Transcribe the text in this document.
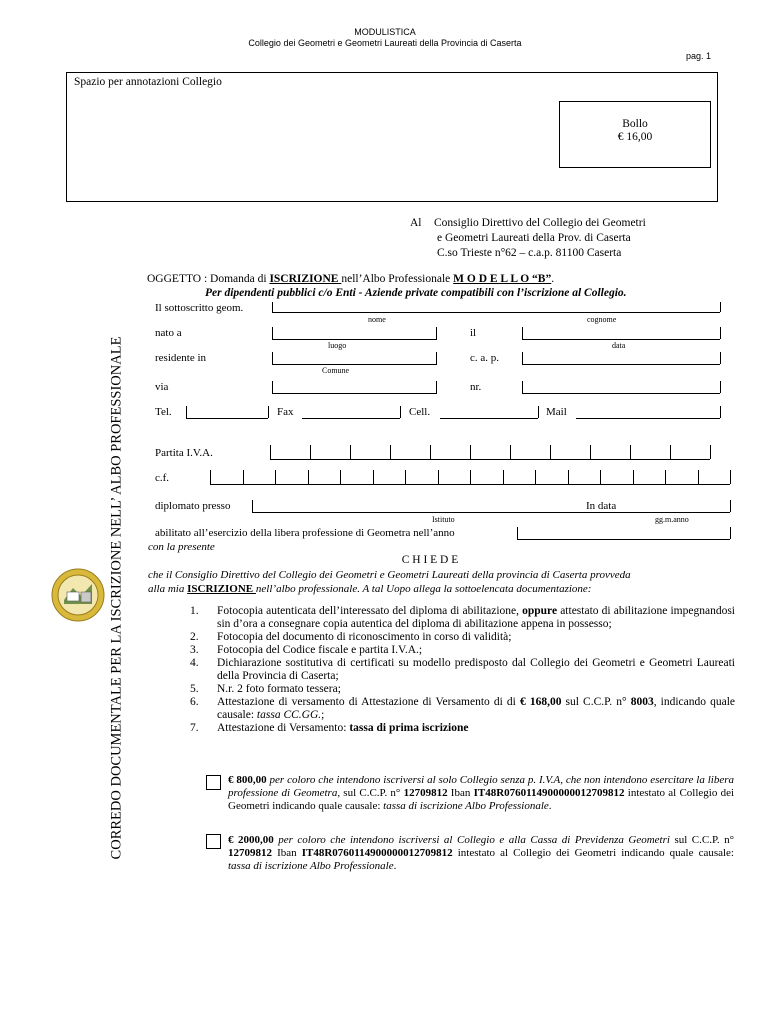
MODULISTICA
Collegio dei Geometri e Geometri Laureati della Provincia di Caserta
pag. 1
Spazio per annotazioni Collegio
Bollo
€ 16,00
Al Consiglio Direttivo del Collegio dei Geometri
e Geometri Laureati della Prov. di Caserta
C.so Trieste n°62 – c.a.p. 81100 Caserta
OGGETTO : Domanda di ISCRIZIONE nell’Albo Professionale M O D E L L O “B”.
Per dipendenti pubblici c/o Enti - Aziende private compatibili con l’iscrizione al Collegio.
CORREDO DOCUMENTALE PER LA ISCRIZIONE NELL’ ALBO PROFESSIONALE
Il sottoscritto geom.
nome	cognome
nato a	il
luogo	data
residente in	c. a. p.
Comune
via	nr.
Tel.	Fax	Cell.	Mail
Partita I.V.A.
c.f.
diplomato presso	In data
Istituto	gg.m.anno
abilitato all’esercizio della libera professione di Geometra nell’anno
con la presente
C H I E D E
che il Consiglio Direttivo del Collegio dei Geometri e Geometri Laureati della provincia di Caserta provveda
alla mia ISCRIZIONE nell’albo professionale. A tal Uopo allega la sottoelencata documentazione:
1. Fotocopia autenticata dell’interessato del diploma di abilitazione, oppure attestato di abilitazione impegnandosi sin d’ora a consegnare copia autentica del diploma di abilitazione appena in possesso;
2. Fotocopia del documento di riconoscimento in corso di validità;
3. Fotocopia del Codice fiscale e partita I.V.A.;
4. Dichiarazione sostitutiva di certificati su modello predisposto dal Collegio dei Geometri e Geometri Laureati della Provincia di Caserta;
5. N.r. 2 foto formato tessera;
6. Attestazione di versamento di Attestazione di Versamento di di € 168,00 sul C.C.P. n° 8003, indicando quale causale: tassa CC.GG.;
7. Attestazione di Versamento: tassa di prima iscrizione
€ 800,00 per coloro che intendono iscriversi al solo Collegio senza p. I.V.A, che non intendono esercitare la libera professione di Geometra, sul C.C.P. n° 12709812 Iban IT48R0760114900000012709812 intestato al Collegio dei Geometri indicando quale causale: tassa di iscrizione Albo Professionale.
€ 2000,00 per coloro che intendono iscriversi al Collegio e alla Cassa di Previdenza Geometri sul C.C.P. n° 12709812 Iban IT48R0760114900000012709812 intestato al Collegio dei Geometri indicando quale causale: tassa di iscrizione Albo Professionale.
